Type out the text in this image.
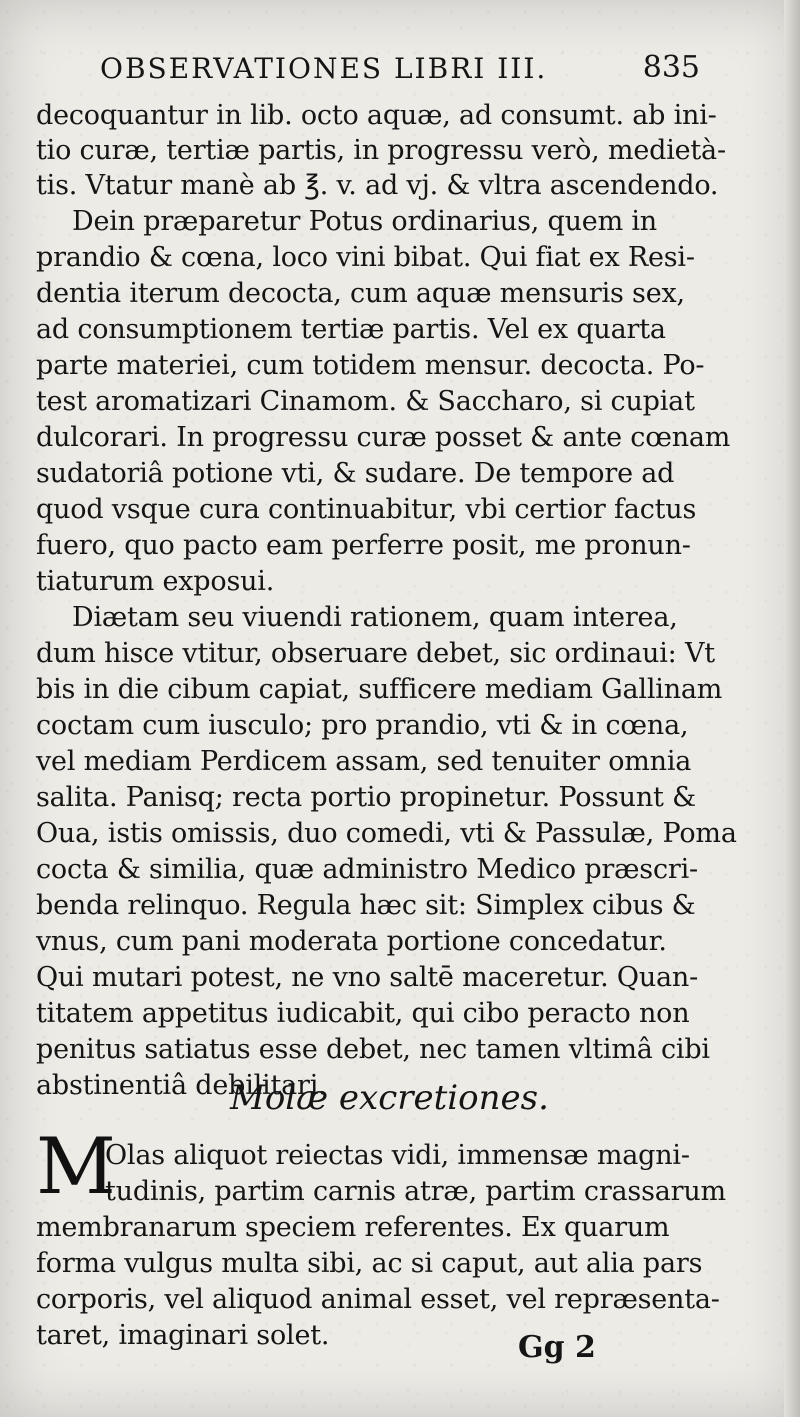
OBSERVATIONES LIBRI III.	835
decoquantur in lib. octo aquæ, ad consumt. ab ini-
tio curæ, tertiæ partis, in progressu verò, medietà-
tis. Vtatur manè ab ℥. v. ad vj. & vltra ascendendo.
Dein præparetur Potus ordinarius, quem in
prandio & cœna, loco vini bibat. Qui fiat ex Resi-
dentia iterum decocta, cum aquæ mensuris sex,
ad consumptionem tertiæ partis. Vel ex quarta
parte materiei, cum totidem mensur. decocta. Po-
test aromatizari Cinamom. & Saccharo, si cupiat
dulcorari. In progressu curæ posset & ante cœnam
sudatoriâ potione vti, & sudare. De tempore ad
quod vsque cura continuabitur, vbi certior factus
fuero, quo pacto eam perferre posit, me pronun-
tiaturum exposui.
Diætam seu viuendi rationem, quam interea,
dum hisce vtitur, obseruare debet, sic ordinaui: Vt
bis in die cibum capiat, sufficere mediam Gallinam
coctam cum iusculo; pro prandio, vti & in cœna,
vel mediam Perdicem assam, sed tenuiter omnia
salita. Panisq; recta portio propinetur. Possunt &
Oua, istis omissis, duo comedi, vti & Passulæ, Poma
cocta & similia, quæ administro Medico præscri-
benda relinquo. Regula hæc sit: Simplex cibus &
vnus, cum pani moderata portione concedatur.
Qui mutari potest, ne vno saltē maceretur. Quan-
titatem appetitus iudicabit, qui cibo peracto non
penitus satiatus esse debet, nec tamen vltimâ cibi
abstinentiâ debilitari.
Molæ excretiones.
M
Olas aliquot reiectas vidi, immensæ magni-
tudinis, partim carnis atræ, partim crassarum
membranarum speciem referentes. Ex quarum
forma vulgus multa sibi, ac si caput, aut alia pars
corporis, vel aliquod animal esset, vel repræsenta-
taret, imaginari solet.	Gg 2
